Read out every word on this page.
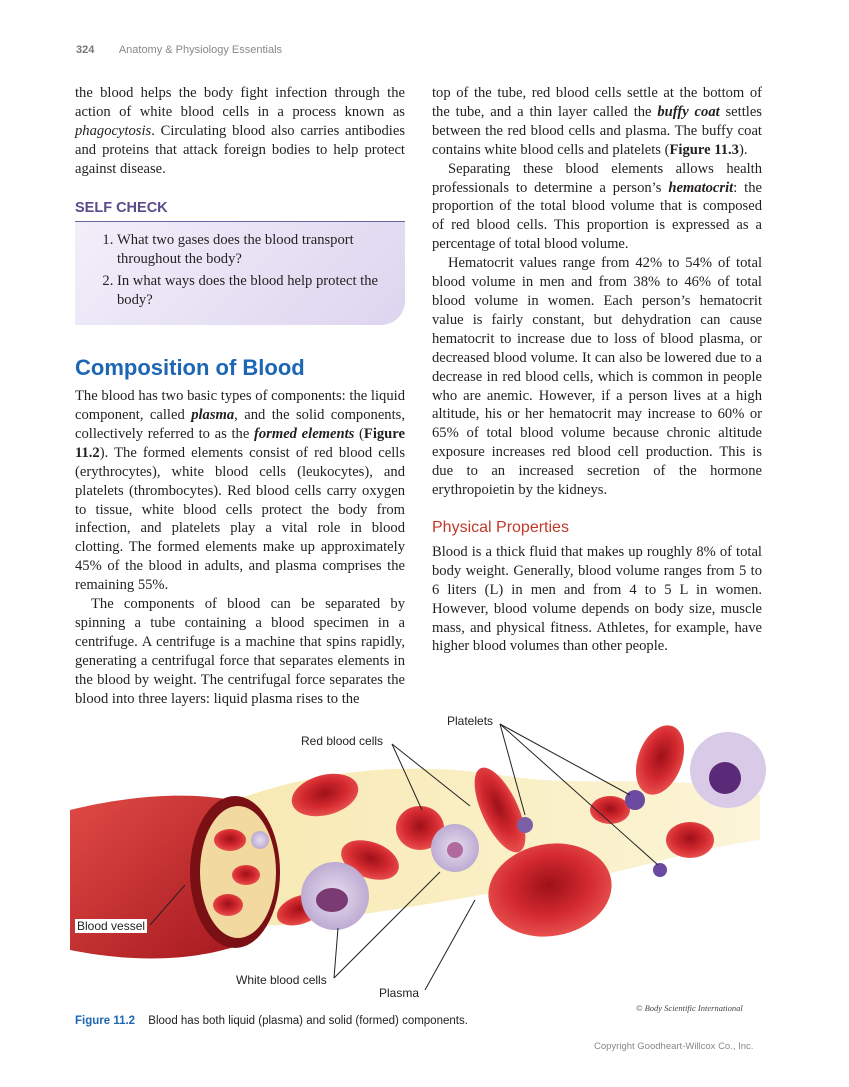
324 Anatomy & Physiology Essentials

the blood helps the body fight infection through the action of white blood cells in a process known as phagocytosis. Circulating blood also carries antibodies and proteins that attack foreign bodies to help protect against disease.

SELF CHECK
1. What two gases does the blood transport throughout the body?
2. In what ways does the blood help protect the body?
Composition of Blood

The blood has two basic types of components: the liquid component, called plasma, and the solid components, collectively referred to as the formed elements (Figure 11.2). The formed elements consist of red blood cells (erythrocytes), white blood cells (leukocytes), and platelets (thrombocytes). Red blood cells carry oxygen to tissue, white blood cells protect the body from infection, and platelets play a vital role in blood clotting. The formed elements make up approximately 45% of the blood in adults, and plasma comprises the remaining 55%.

The components of blood can be separated by spinning a tube containing a blood specimen in a centrifuge. A centrifuge is a machine that spins rapidly, generating a centrifugal force that separates elements in the blood by weight. The centrifugal force separates the blood into three layers: liquid plasma rises to the

top of the tube, red blood cells settle at the bottom of the tube, and a thin layer called the buffy coat settles between the red blood cells and plasma. The buffy coat contains white blood cells and platelets (Figure 11.3).

Separating these blood elements allows health professionals to determine a person’s hematocrit: the proportion of the total blood volume that is composed of red blood cells. This proportion is expressed as a percentage of total blood volume.

Hematocrit values range from 42% to 54% of total blood volume in men and from 38% to 46% of total blood volume in women. Each person’s hematocrit value is fairly constant, but dehydration can cause hematocrit to increase due to loss of blood plasma, or decreased blood volume. It can also be lowered due to a decrease in red blood cells, which is common in people who are anemic. However, if a person lives at a high altitude, his or her hematocrit may increase to 60% or 65% of total blood volume because chronic altitude exposure increases red blood cell production. This is due to an increased secretion of the hormone erythropoietin by the kidneys.

Physical Properties

Blood is a thick fluid that makes up roughly 8% of total body weight. Generally, blood volume ranges from 5 to 6 liters (L) in men and from 4 to 5 L in women. However, blood volume depends on body size, muscle mass, and physical fitness. Athletes, for example, have higher blood volumes than other people.

Platelets
Red blood cells
Blood vessel
White blood cells
Plasma
© Body Scientific International
Figure 11.2 Blood has both liquid (plasma) and solid (formed) components.
Copyright Goodheart-Willcox Co., Inc.
